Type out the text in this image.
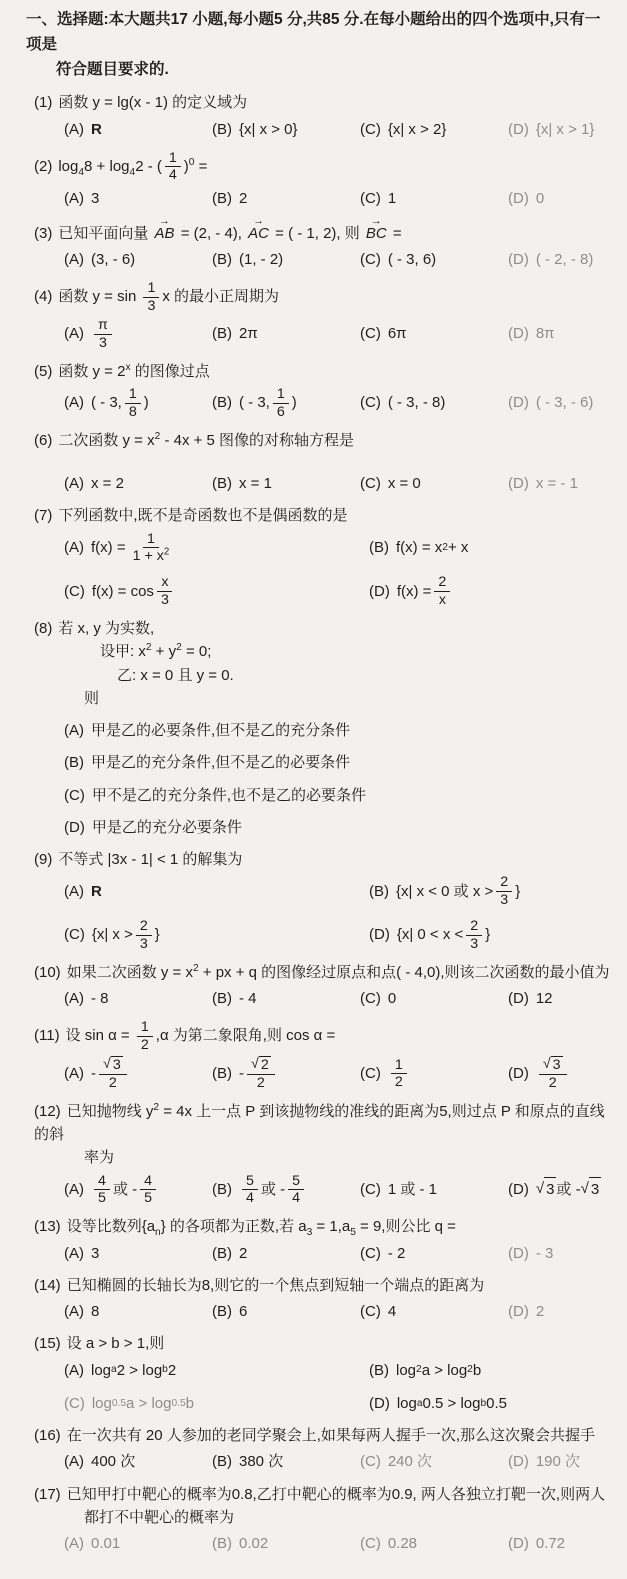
一、选择题:本大题共17 小题,每小题5 分,共85 分.在每小题给出的四个选项中,只有一项是
符合题目要求的.
(1) 函数 y = lg(x - 1) 的定义域为
(A) R	(B) {x| x > 0}	(C) {x| x > 2}	(D) {x| x > 1}
(2) $\log_48 + \log_42$ - ( $\frac{1}{4} )^0$ =
(A) 3	(B) 2	(C) 1	(D) 0
(3) 已知平面向量 → AB = (2, - 4), → AC = ( - 1, 2), 则 → BC =
(A) (3, - 6)	(B) (1, - 2)	(C) ( - 3, 6)	(D) ( - 2, - 8)
(4) 函数 $y = \sin \frac{1}{3}$ x 的最小正周期为
$(A) \frac{\pi}{3}$	(B) 2π	(C) 6π	(D) 8π
(5) 函数 $y = 2^x$ 的图像过点
(A) ( - 3, $\frac{1}{8}$ )	(B) ( - 3, $\frac{1}{6}$ )	(C) ( - 3, - 8)	(D) ( - 3, - 6)
(6) 二次函数 $y = x^2 - 4x + 5$ 图像的对称轴方程是
(A) x = 2	(B) x = 1	(C) x = 0	(D) x = - 1
(7) 下列函数中,既不是奇函数也不是偶函数的是
(A) $f(x) = \frac{1}{1 + x^2}$	(B) f(x) = x 2 + x
(C) $f(x) = \cos \frac{x}{3}$	(D) $f(x) = \frac{2}{x}$
(8) 若 x, y 为实数,
设甲: $x^2 + y^2 = 0$;
乙: x = 0 且 y = 0.
则
(A) 甲是乙的必要条件,但不是乙的充分条件
(B) 甲是乙的充分条件,但不是乙的必要条件
(C) 甲不是乙的充分条件,也不是乙的必要条件
(D) 甲是乙的充分必要条件
(9) 不等式 |3x - 1| < 1 的解集为
(A) R	(B) {x| x < 0 或 $x > \frac{2}{3}$ }
(C) {x| $x > \frac{2}{3}$ }	(D) {x| $0 < x < \frac{2}{3}$ }
(10) 如果二次函数 $y = x^2$ + px + q 的图像经过原点和点( - 4,0),则该二次函数的最小值为
(A) - 8	(B) - 4	(C) 0	(D) 12
(11) 设 $\sin \alpha = \frac{1}{2} ,\alpha$ 为第二象限角,则 cos α =
$(A) - \frac{√ 3}{2}$	$(B) - \frac{√ 2}{2}$	$(C) \frac{1}{2}$	$(D) \frac{√ 3}{2}$
(12) 已知抛物线 $y^2 = 4x$ 上一点 P 到该抛物线的准线的距离为5,则过点 P 和原点的直线的斜
率为
$(A) \frac{4}{5}$ 或 - $\frac{4}{5}$	$(B) \frac{5}{4}$ 或 - $\frac{5}{4}$	(C) 1 或 - 1	(D) √ 3 或 - √ 3
(13) 设等比数列$\{a_n\}$ 的各项都为正数,若 $a_3 = 1,a_5 = 9$,则公比 q =
(A) 3	(B) 2	(C) - 2	(D) - 3
(14) 已知椭圆的长轴长为8,则它的一个焦点到短轴一个端点的距离为
(A) 8	(B) 6	(C) 4	(D) 2
(15) 设 a > b > 1,则
(A) log a 2 > log b 2	(B) log 2 a > log 2 b
(C) log 0.5 a > log 0.5 b	(D) log a 0.5 > log b 0.5
(16) 在一次共有 20 人参加的老同学聚会上,如果每两人握手一次,那么这次聚会共握手
(A) 400 次	(B) 380 次	(C) 240 次	(D) 190 次
(17) 已知甲打中靶心的概率为0.8,乙打中靶心的概率为0.9, 两人各独立打靶一次,则两人
都打不中靶心的概率为
(A) 0.01	(B) 0.02	(C) 0.28	(D) 0.72
